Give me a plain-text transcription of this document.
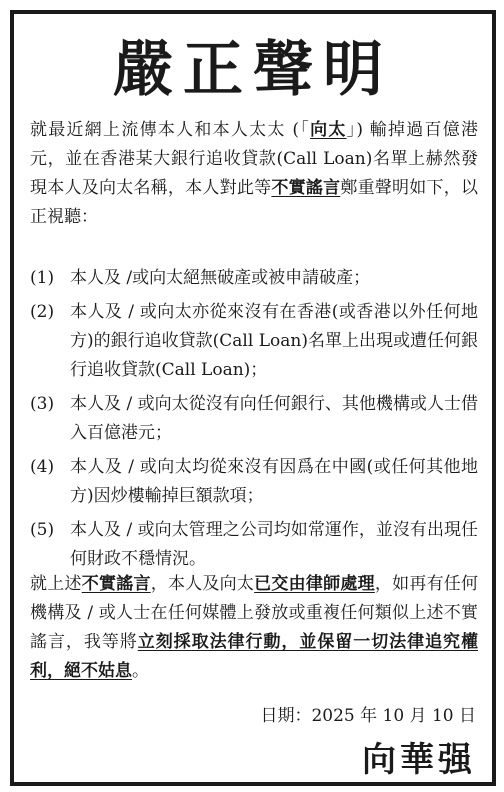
嚴正聲明
就最近網上流傳本人和本人太太 (「向太」) 輸掉過百億港元，並在香港某大銀行追收貸款(Call Loan)名單上赫然發現本人及向太名稱，本人對此等不實謠言鄭重聲明如下，以正視聽：
(1) 本人及 /或向太絕無破產或被申請破產；
(2) 本人及 / 或向太亦從來沒有在香港(或香港以外任何地方)的銀行追收貸款(Call Loan)名單上出現或遭任何銀 行追收貸款(Call Loan)；
(3) 本人及 / 或向太從沒有向任何銀行、其他機構或人士借入百億港元；
(4) 本人及 / 或向太均從來沒有因爲在中國(或任何其他地方)因炒樓輸掉巨額款項；
(5) 本人及 / 或向太管理之公司均如常運作，並沒有出現任何財政不穩情況。
就上述不實謠言，本人及向太已交由律師處理，如再有任何機構及 / 或人士在任何媒體上發放或重複任何類似上述不實謠言，我等將立刻採取法律行動，並保留一切法律追究權利，絕不姑息。
日期：2025 年 10 月 10 日
向華强
